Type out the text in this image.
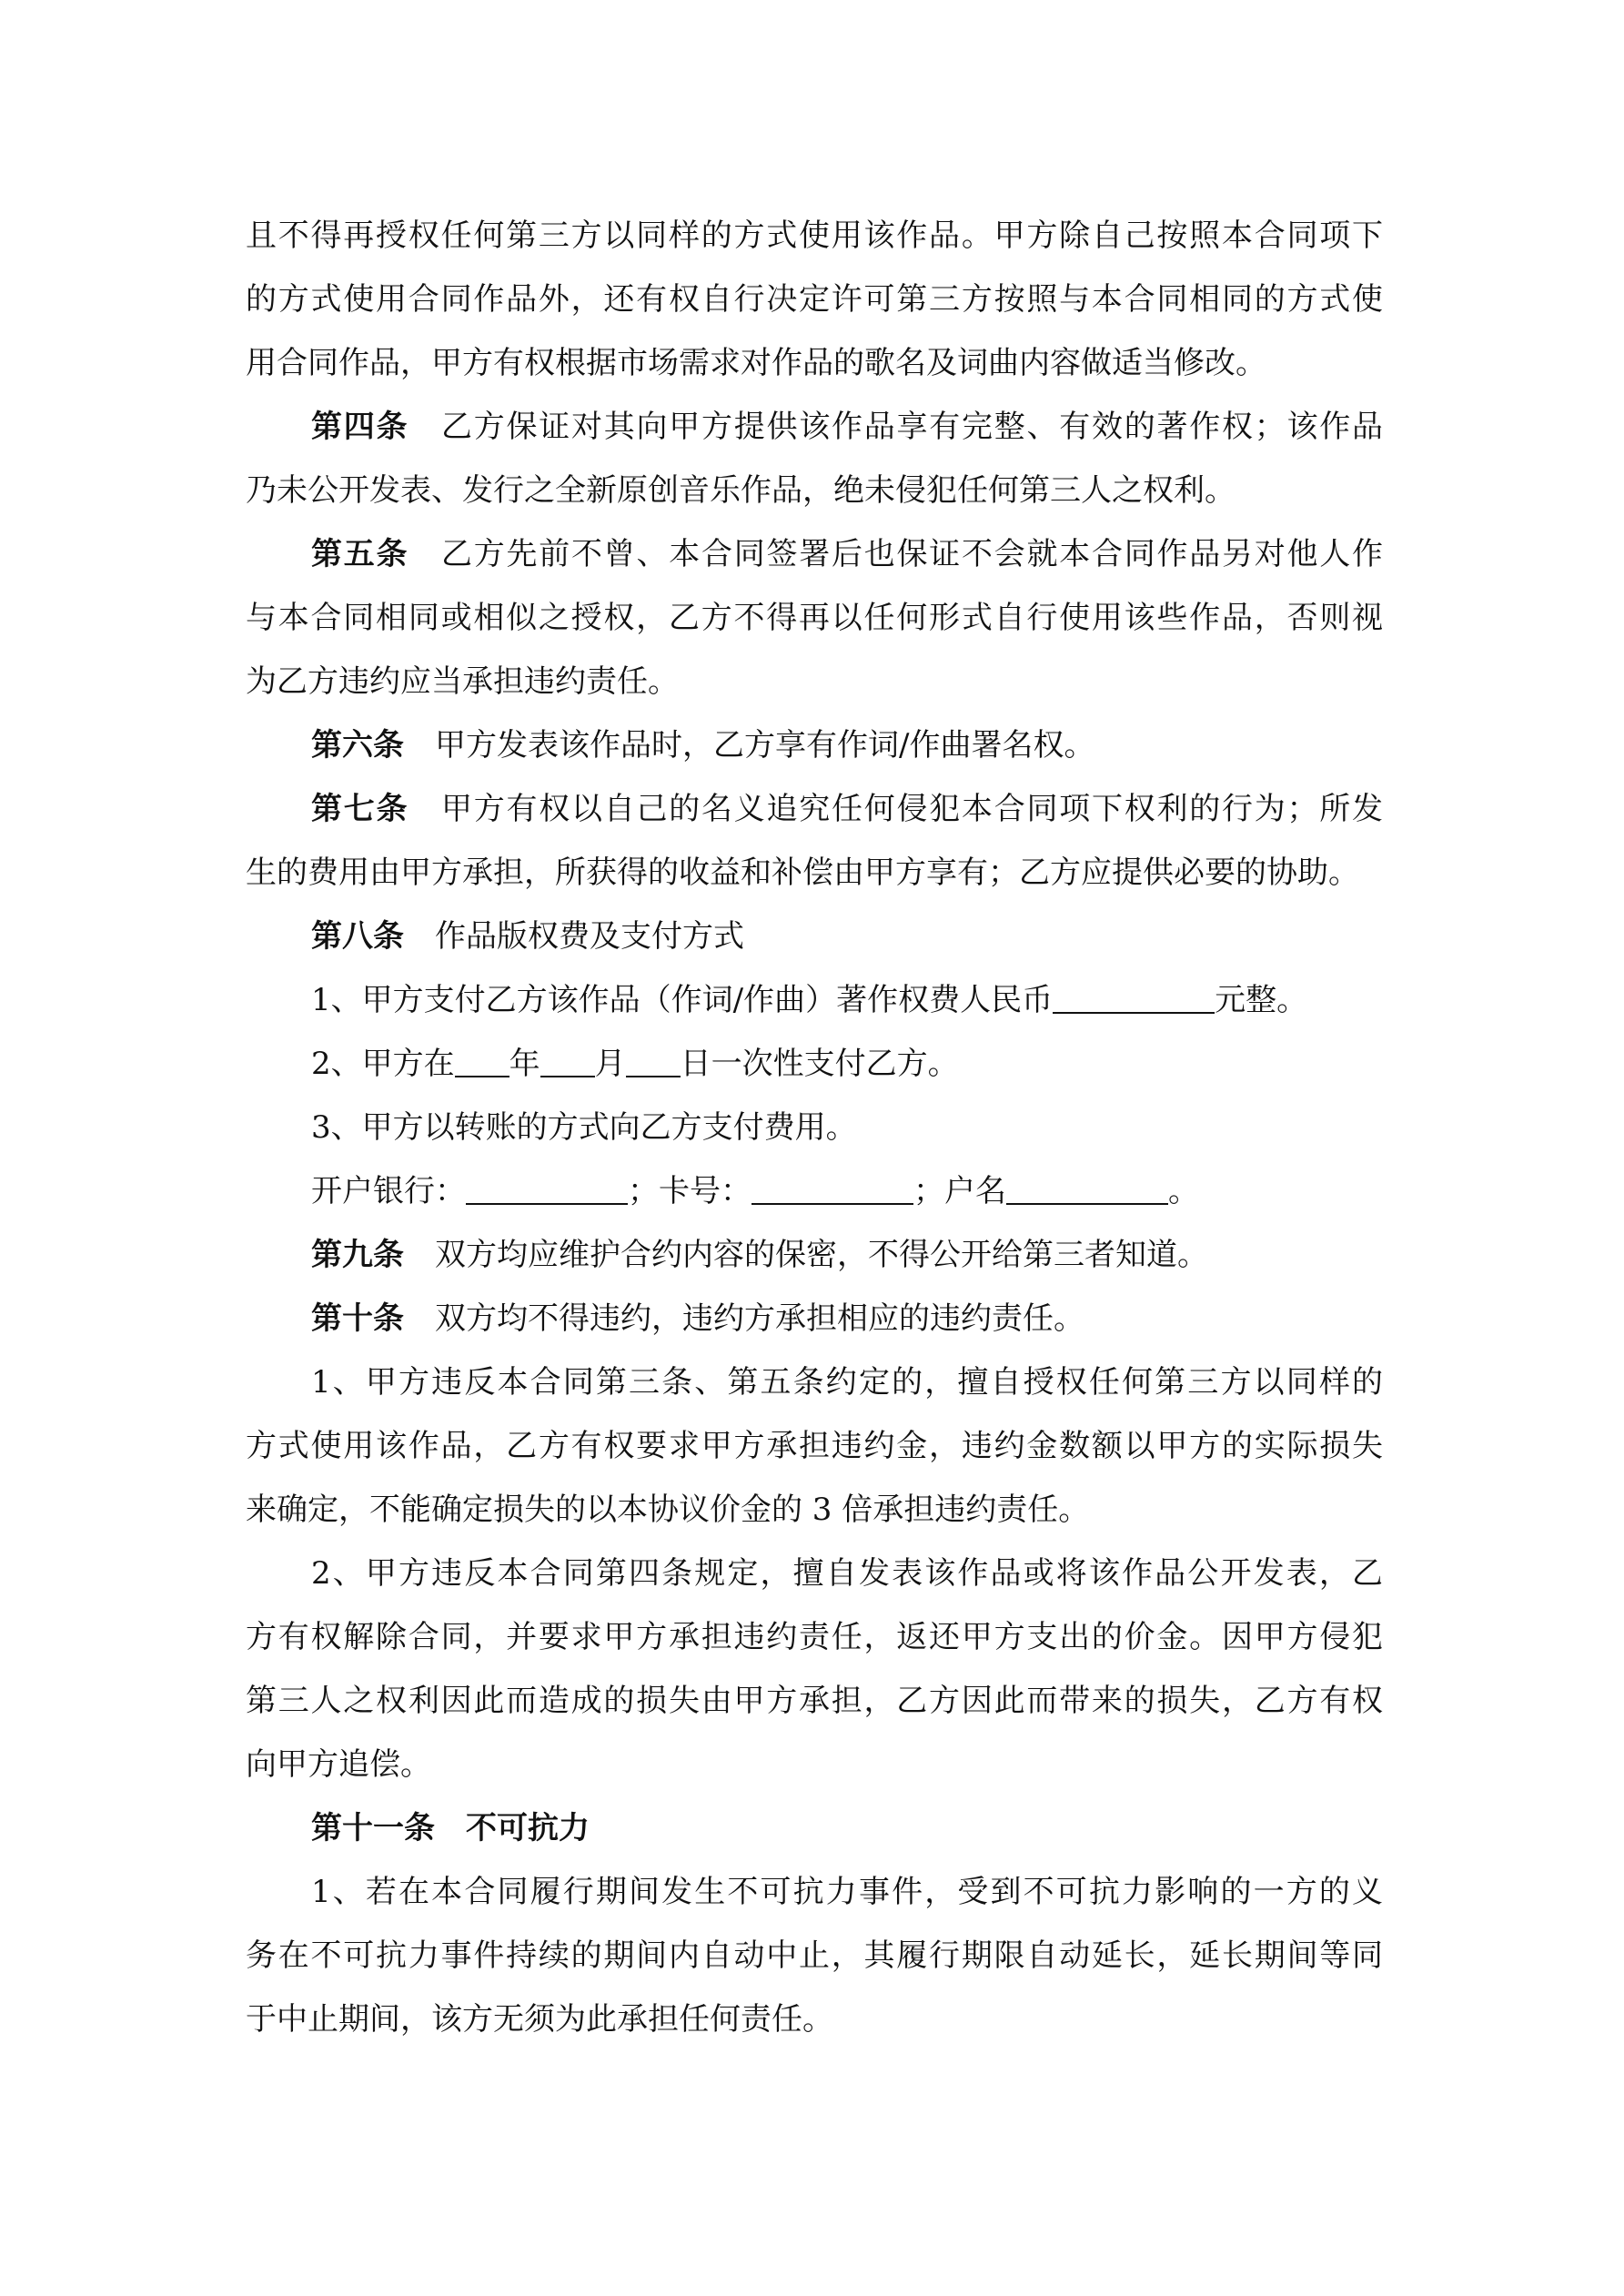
且不得再授权任何第三方以同样的方式使用该作品。甲方除自己按照本合同项下
的方式使用合同作品外，还有权自行决定许可第三方按照与本合同相同的方式使
用合同作品，甲方有权根据市场需求对作品的歌名及词曲内容做适当修改。
第四条 乙方保证对其向甲方提供该作品享有完整、有效的著作权；该作品
乃未公开发表、发行之全新原创音乐作品，绝未侵犯任何第三人之权利。
第五条 乙方先前不曾、本合同签署后也保证不会就本合同作品另对他人作
与本合同相同或相似之授权，乙方不得再以任何形式自行使用该些作品，否则视
为乙方违约应当承担违约责任。
第六条 甲方发表该作品时，乙方享有作词/作曲署名权。
第七条 甲方有权以自己的名义追究任何侵犯本合同项下权利的行为；所发
生的费用由甲方承担，所获得的收益和补偿由甲方享有；乙方应提供必要的协助。
第八条 作品版权费及支付方式
1、甲方支付乙方该作品（作词/作曲）著作权费人民币	元整。
2、甲方在 年 月 日一次性支付乙方。
3、甲方以转账的方式向乙方支付费用。
开户银行：	；卡号：	；户名	。
第九条 双方均应维护合约内容的保密，不得公开给第三者知道。
第十条 双方均不得违约，违约方承担相应的违约责任。
1、甲方违反本合同第三条、第五条约定的，擅自授权任何第三方以同样的
方式使用该作品，乙方有权要求甲方承担违约金，违约金数额以甲方的实际损失
来确定，不能确定损失的以本协议价金的 3 倍承担违约责任。
2、甲方违反本合同第四条规定，擅自发表该作品或将该作品公开发表，乙
方有权解除合同，并要求甲方承担违约责任，返还甲方支出的价金。因甲方侵犯
第三人之权利因此而造成的损失由甲方承担，乙方因此而带来的损失，乙方有权
向甲方追偿。
第十一条 不可抗力
1、若在本合同履行期间发生不可抗力事件，受到不可抗力影响的一方的义
务在不可抗力事件持续的期间内自动中止，其履行期限自动延长，延长期间等同
于中止期间，该方无须为此承担任何责任。
